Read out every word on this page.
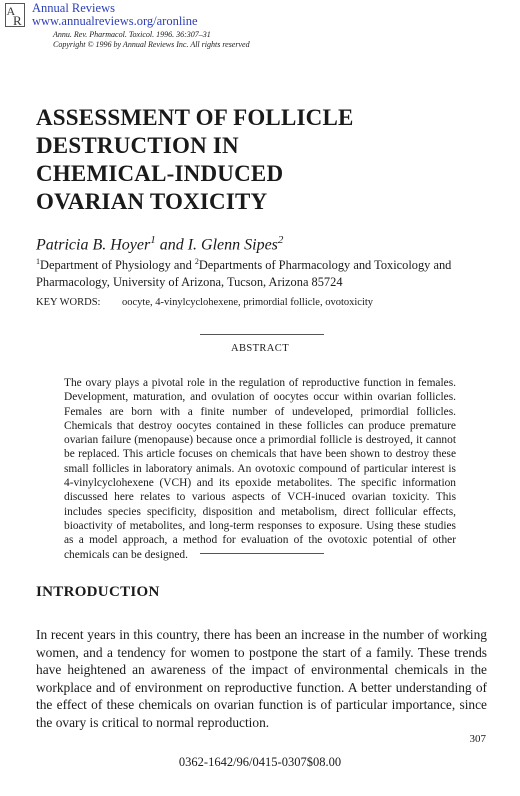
A
R
Annual Reviews
www.annualreviews.org/aronline
Annu. Rev. Pharmacol. Toxicol. 1996. 36:307–31
Copyright © 1996 by Annual Reviews Inc. All rights reserved
ASSESSMENT OF FOLLICLE
DESTRUCTION IN
CHEMICAL-INDUCED
OVARIAN TOXICITY
Patricia B. Hoyer$^1$ and I. Glenn Sipes$^2$
$^1$Department of Physiology and $^2$Departments of Pharmacology and Toxicology and Pharmacology, University of Arizona, Tucson, Arizona 85724
KEY WORDS: oocyte, 4-vinylcyclohexene, primordial follicle, ovotoxicity
ABSTRACT

The ovary plays a pivotal role in the regulation of reproductive function in females. Development, maturation, and ovulation of oocytes occur within ovarian follicles. Females are born with a finite number of undeveloped, primordial follicles. Chemicals that destroy oocytes contained in these follicles can produce premature ovarian failure (menopause) because once a primordial follicle is destroyed, it cannot be replaced. This article focuses on chemicals that have been shown to destroy these small follicles in laboratory animals. An ovotoxic compound of particular interest is 4-vinylcyclohexene (VCH) and its epoxide metabolites. The specific information discussed here relates to various aspects of VCH-inuced ovarian toxicity. This includes species specificity, disposition and metabolism, direct follicular effects, bioactivity of metabolites, and long-term responses to exposure. Using these studies as a model approach, a method for evaluation of the ovotoxic potential of other chemicals can be designed.

INTRODUCTION

In recent years in this country, there has been an increase in the number of working women, and a tendency for women to postpone the start of a family. These trends have heightened an awareness of the impact of environmental chemicals in the workplace and of environment on reproductive function. A better understanding of the effect of these chemicals on ovarian function is of particular importance, since the ovary is critical to normal reproduction.

307
0362-1642/96/0415-0307$08.00
